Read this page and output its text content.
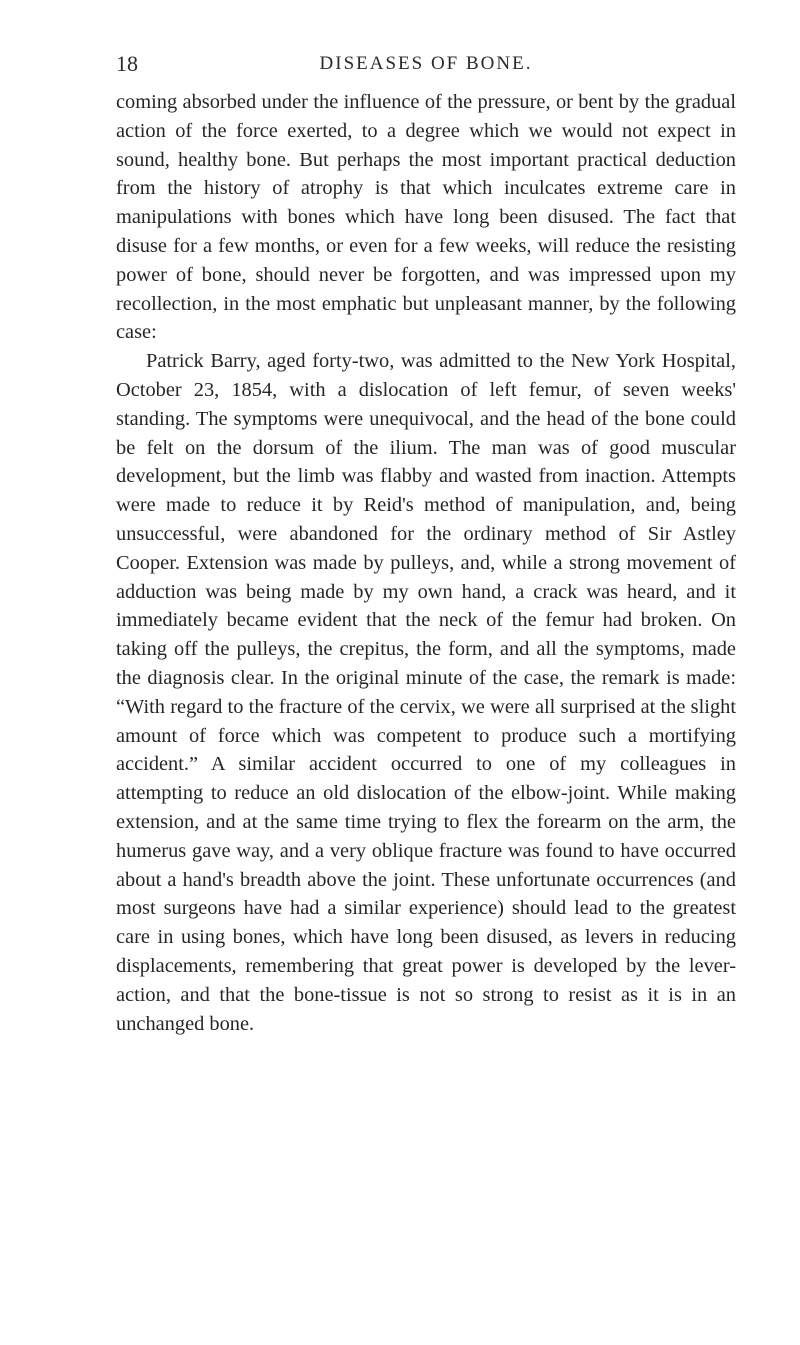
18	DISEASES OF BONE.

coming absorbed under the influence of the pressure, or bent by the gradual action of the force exerted, to a degree which we would not expect in sound, healthy bone. But perhaps the most important practical deduction from the history of atrophy is that which inculcates extreme care in manipulations with bones which have long been disused. The fact that disuse for a few months, or even for a few weeks, will reduce the resisting power of bone, should never be forgotten, and was impressed upon my recollection, in the most emphatic but unpleasant manner, by the following case:

Patrick Barry, aged forty-two, was admitted to the New York Hospital, October 23, 1854, with a dislocation of left femur, of seven weeks' standing. The symptoms were unequivocal, and the head of the bone could be felt on the dorsum of the ilium. The man was of good muscular development, but the limb was flabby and wasted from inaction. Attempts were made to reduce it by Reid's method of manipulation, and, being unsuccessful, were abandoned for the ordinary method of Sir Astley Cooper. Extension was made by pulleys, and, while a strong movement of adduction was being made by my own hand, a crack was heard, and it immediately became evident that the neck of the femur had broken. On taking off the pulleys, the crepitus, the form, and all the symptoms, made the diagnosis clear. In the original minute of the case, the remark is made: “With regard to the fracture of the cervix, we were all surprised at the slight amount of force which was competent to produce such a mortifying accident.” A similar accident occurred to one of my colleagues in attempting to reduce an old dislocation of the elbow-joint. While making extension, and at the same time trying to flex the forearm on the arm, the humerus gave way, and a very oblique fracture was found to have occurred about a hand's breadth above the joint. These unfortunate occurrences (and most surgeons have had a similar experience) should lead to the greatest care in using bones, which have long been disused, as levers in reducing displacements, remembering that great power is developed by the lever-action, and that the bone-tissue is not so strong to resist as it is in an unchanged bone.
